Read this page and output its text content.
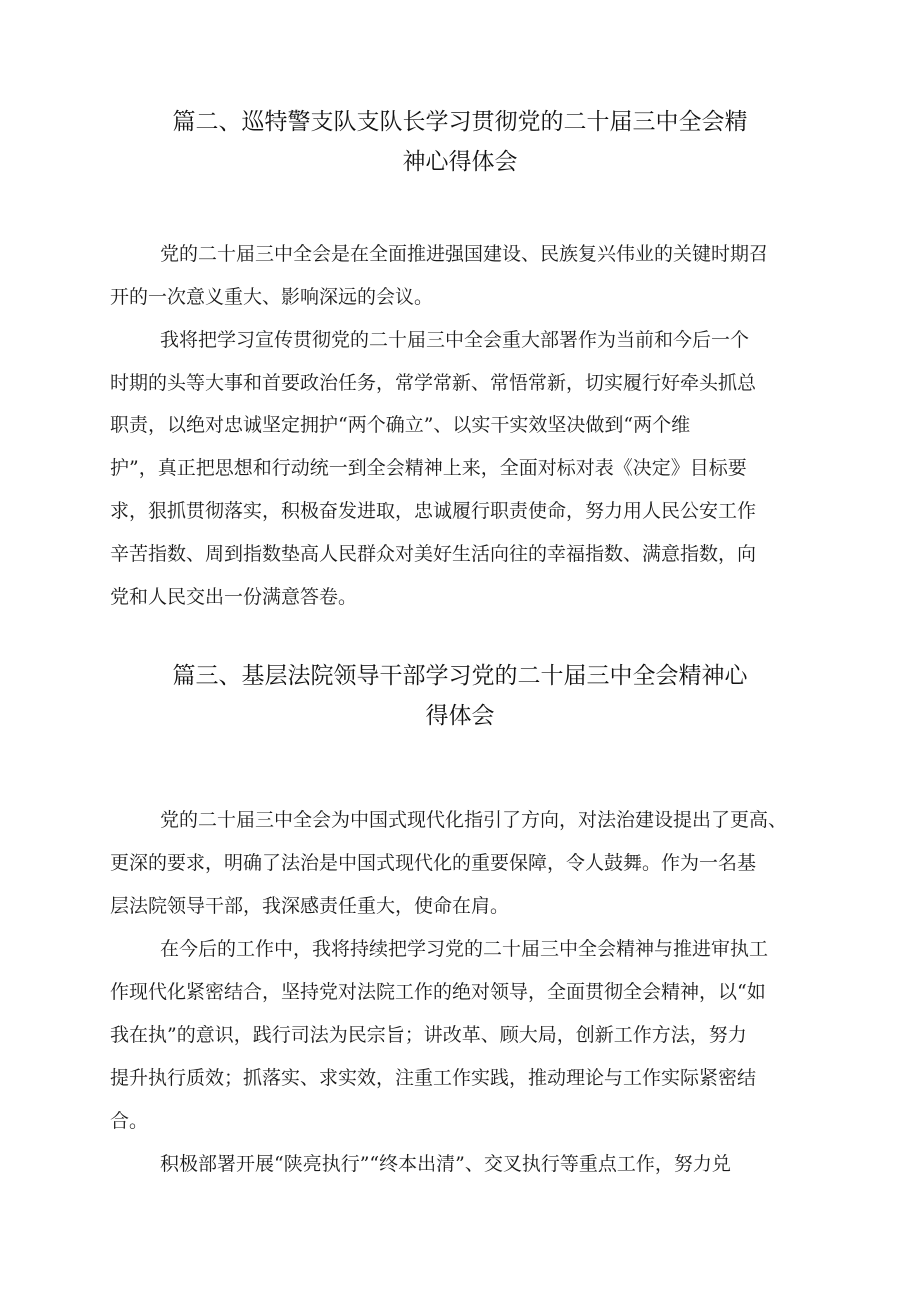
篇二、巡特警支队支队长学习贯彻党的二十届三中全会精
神心得体会
党的二十届三中全会是在全面推进强国建设、民族复兴伟业的关键时期召
开的一次意义重大、影响深远的会议。
我将把学习宣传贯彻党的二十届三中全会重大部署作为当前和今后一个
时期的头等大事和首要政治任务，常学常新、常悟常新，切实履行好牵头抓总
职责，以绝对忠诚坚定拥护“两个确立”、以实干实效坚决做到“两个维
护”，真正把思想和行动统一到全会精神上来，全面对标对表《决定》目标要
求，狠抓贯彻落实，积极奋发进取，忠诚履行职责使命，努力用人民公安工作
辛苦指数、周到指数垫高人民群众对美好生活向往的幸福指数、满意指数，向
党和人民交出一份满意答卷。
篇三、基层法院领导干部学习党的二十届三中全会精神心
得体会
党的二十届三中全会为中国式现代化指引了方向，对法治建设提出了更高、
更深的要求，明确了法治是中国式现代化的重要保障，令人鼓舞。作为一名基
层法院领导干部，我深感责任重大，使命在肩。
在今后的工作中，我将持续把学习党的二十届三中全会精神与推进审执工
作现代化紧密结合，坚持党对法院工作的绝对领导，全面贯彻全会精神，以“如
我在执”的意识，践行司法为民宗旨；讲改革、顾大局，创新工作方法，努力
提升执行质效；抓落实、求实效，注重工作实践，推动理论与工作实际紧密结
合。
积极部署开展“陕亮执行”“终本出清”、交叉执行等重点工作，努力兑
